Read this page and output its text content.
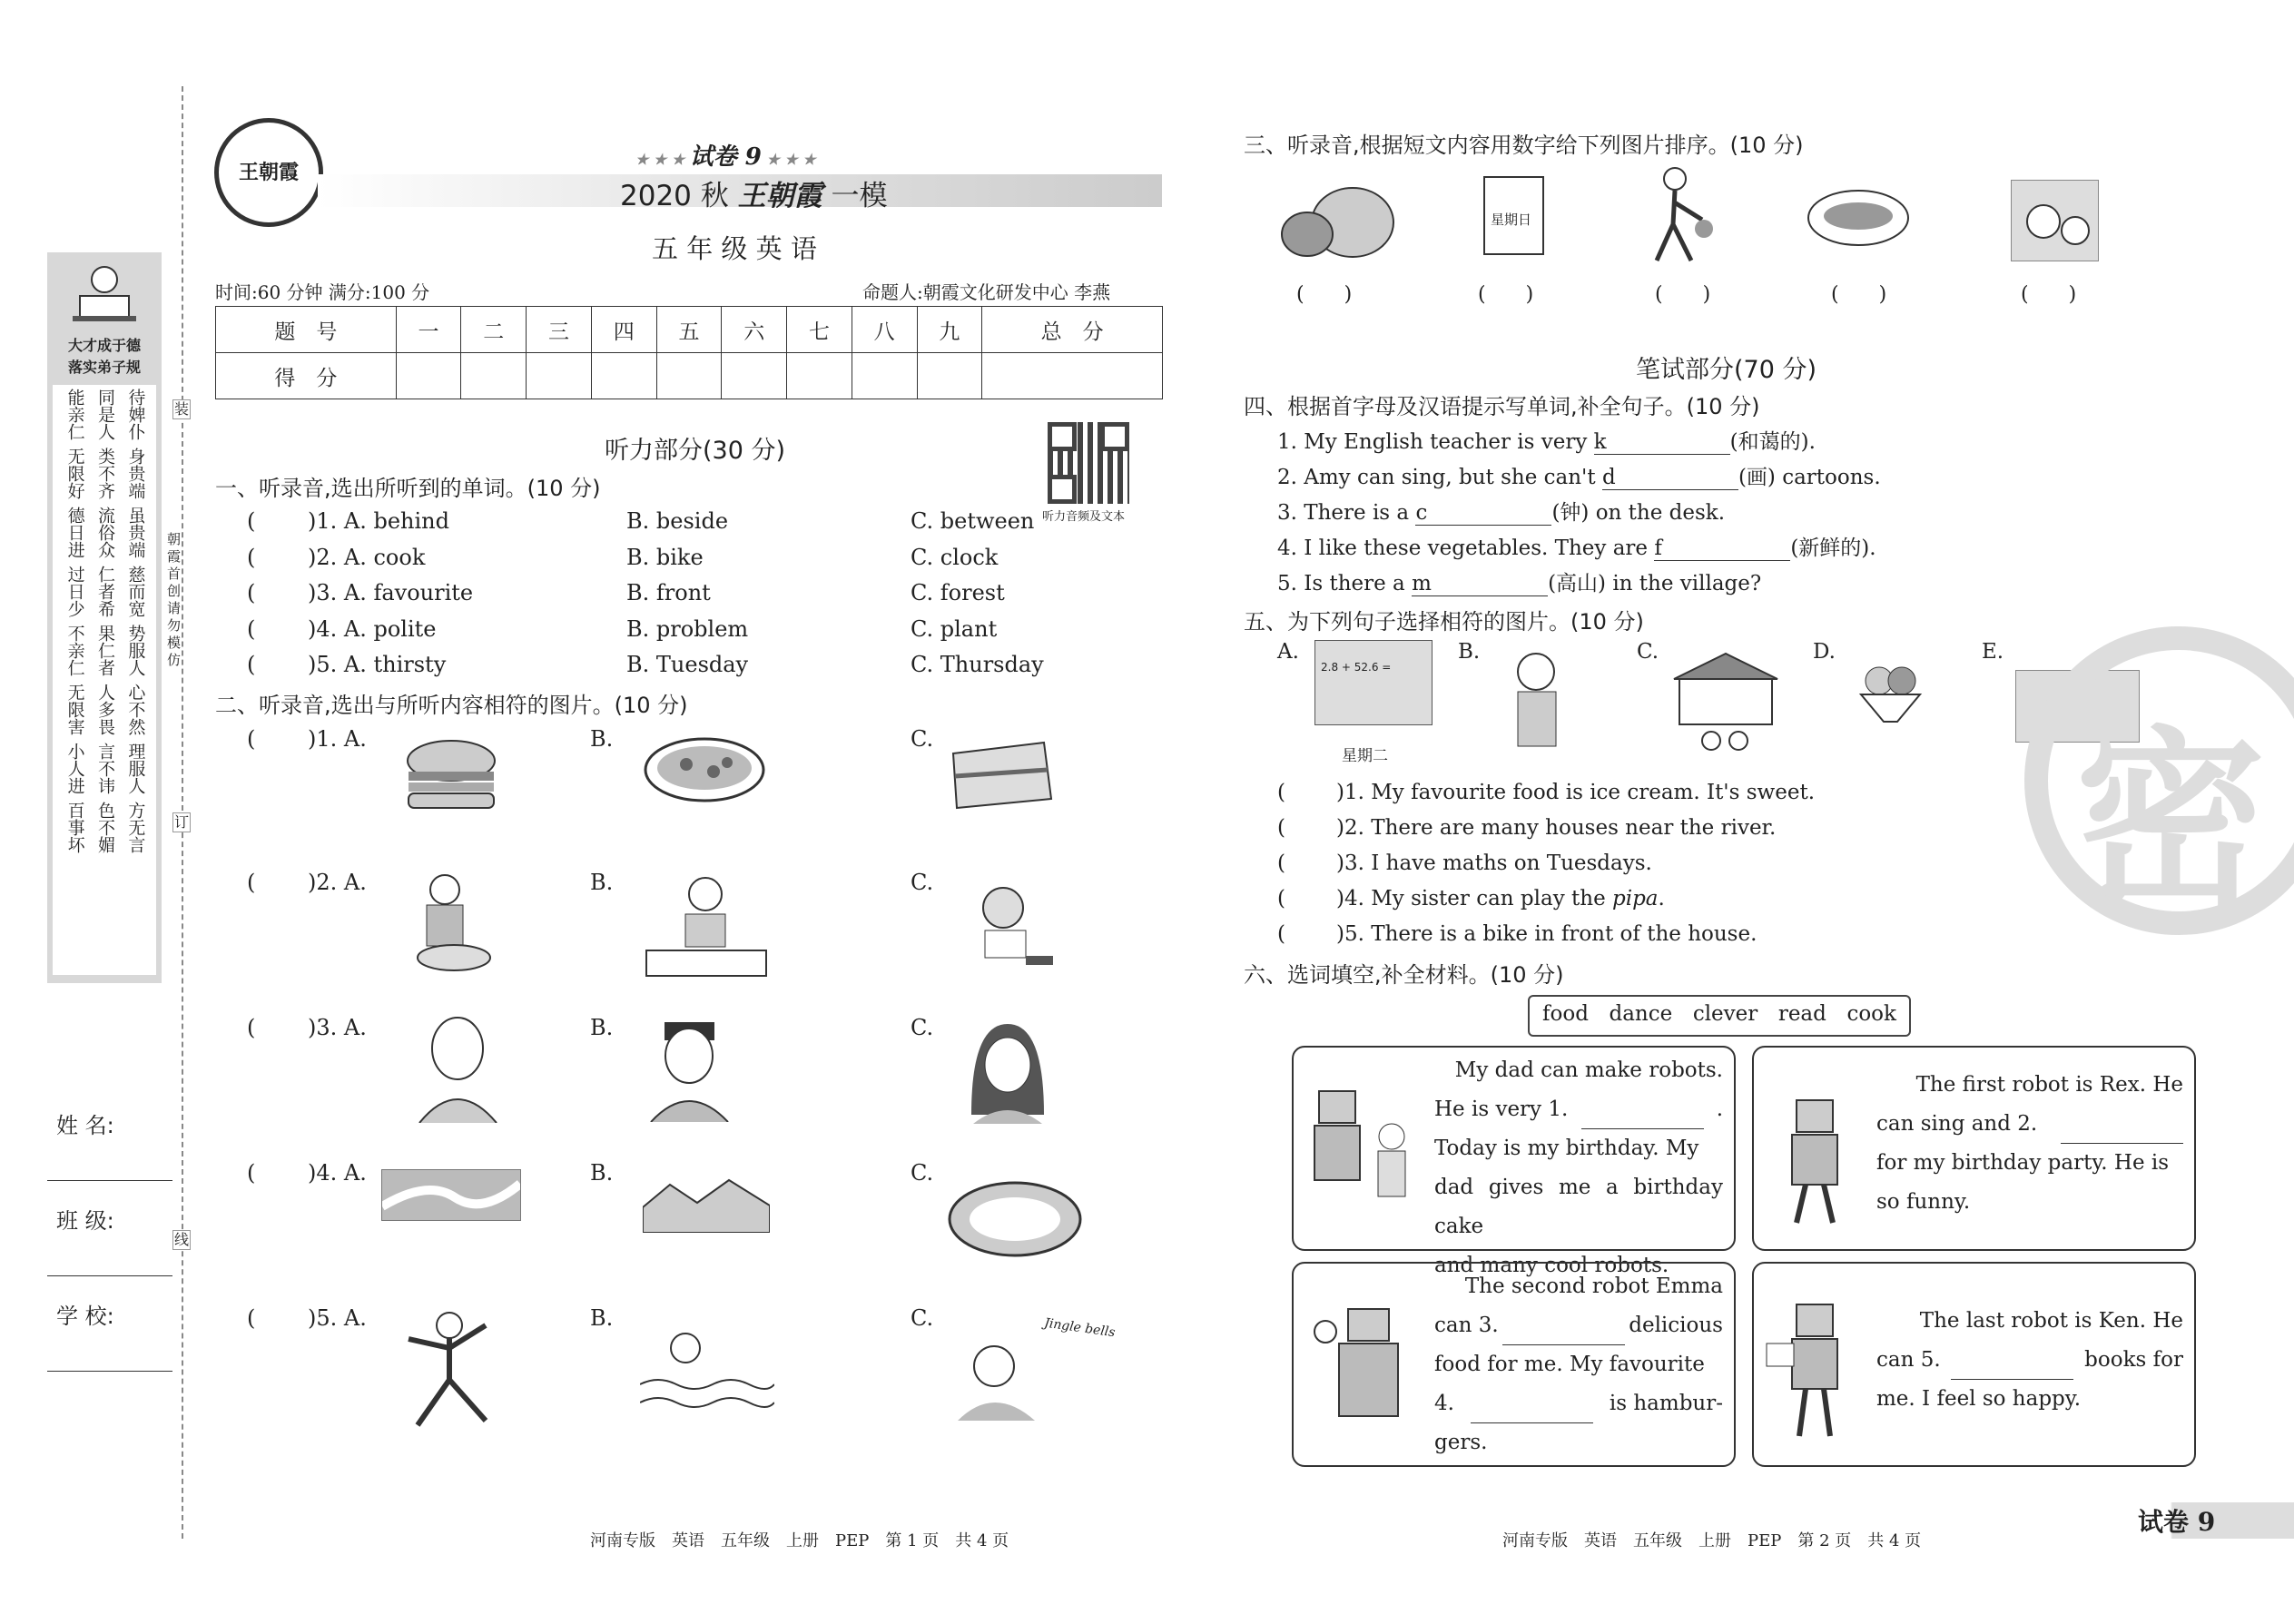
装
订
线
朝霞首创 请勿模仿
大才成于德
落实弟子规
能亲仁 同是人 待婢仆
无限好 类不齐 身贵端
德日进 流俗众 虽贵端
过日少 仁者希 慈而宽
不亲仁 果仁者 势服人
无限害 人多畏 心不然
小人进 言不讳 理服人
百事坏 色不媚 方无言
姓 名:
班 级:
学 校:
王朝霞
★ ★ ★ 试卷 9 ★ ★ ★
2020 秋 王朝霞 一模
五 年 级 英 语
时间:60 分钟 满分:100 分	命题人:朝霞文化研发中心 李燕
题　号	一	二	三	四	五	六	七	八	九	总　分
得　分										
听力音频及文本
听力部分(30 分)
一、听录音,选出所听到的单词。(10 分)
( )1. A. behind	B. beside	C. between
( )2. A. cook	B. bike	C. clock
( )3. A. favourite	B. front	C. forest
( )4. A. polite	B. problem	C. plant
( )5. A. thirsty	B. Tuesday	C. Thursday
二、听录音,选出与所听内容相符的图片。(10 分)
( )1. A.	B.	C.
( )2. A.	B.	C.
( )3. A.	B.	C.
( )4. A.	B.	C.
( )5. A.	B.	C.	Jingle bells
河南专版　英语　五年级　上册　PEP　第 1 页　共 4 页
三、听录音,根据短文内容用数字给下列图片排序。(10 分)
星期日
(　　)	(　　)	(　　)	(　　)	(　　)
笔试部分(70 分)
四、根据首字母及汉语提示写单词,补全句子。(10 分)
1. My English teacher is very k	(和蔼的).
2. Amy can sing, but she can't d	(画) cartoons.
3. There is a c	(钟) on the desk.
4. I like these vegetables. They are f	(新鲜的).
5. Is there a m	(高山) in the village?
五、为下列句子选择相符的图片。(10 分)
A.	B.	C.	D.	E.
2.8 + 52.6 =
星期二
( )1. My favourite food is ice cream. It's sweet.
( )2. There are many houses near the river.
( )3. I have maths on Tuesdays.
( )4. My sister can play the pipa.
( )5. There is a bike in front of the house.
六、选词填空,补全材料。(10 分)
food dance clever read cook
My dad can make robots.
He is very 1.	.
Today is my birthday. My
dad gives me a birthday cake
and many cool robots.
The first robot is Rex. He
can sing and 2.
for my birthday party. He is
so funny.
The second robot Emma
can 3.	delicious
food for me. My favourite
4.	is hambur-
gers.
The last robot is Ken. He
can 5.	books for
me. I feel so happy.
密
河南专版　英语　五年级　上册　PEP　第 2 页　共 4 页
试卷 9
